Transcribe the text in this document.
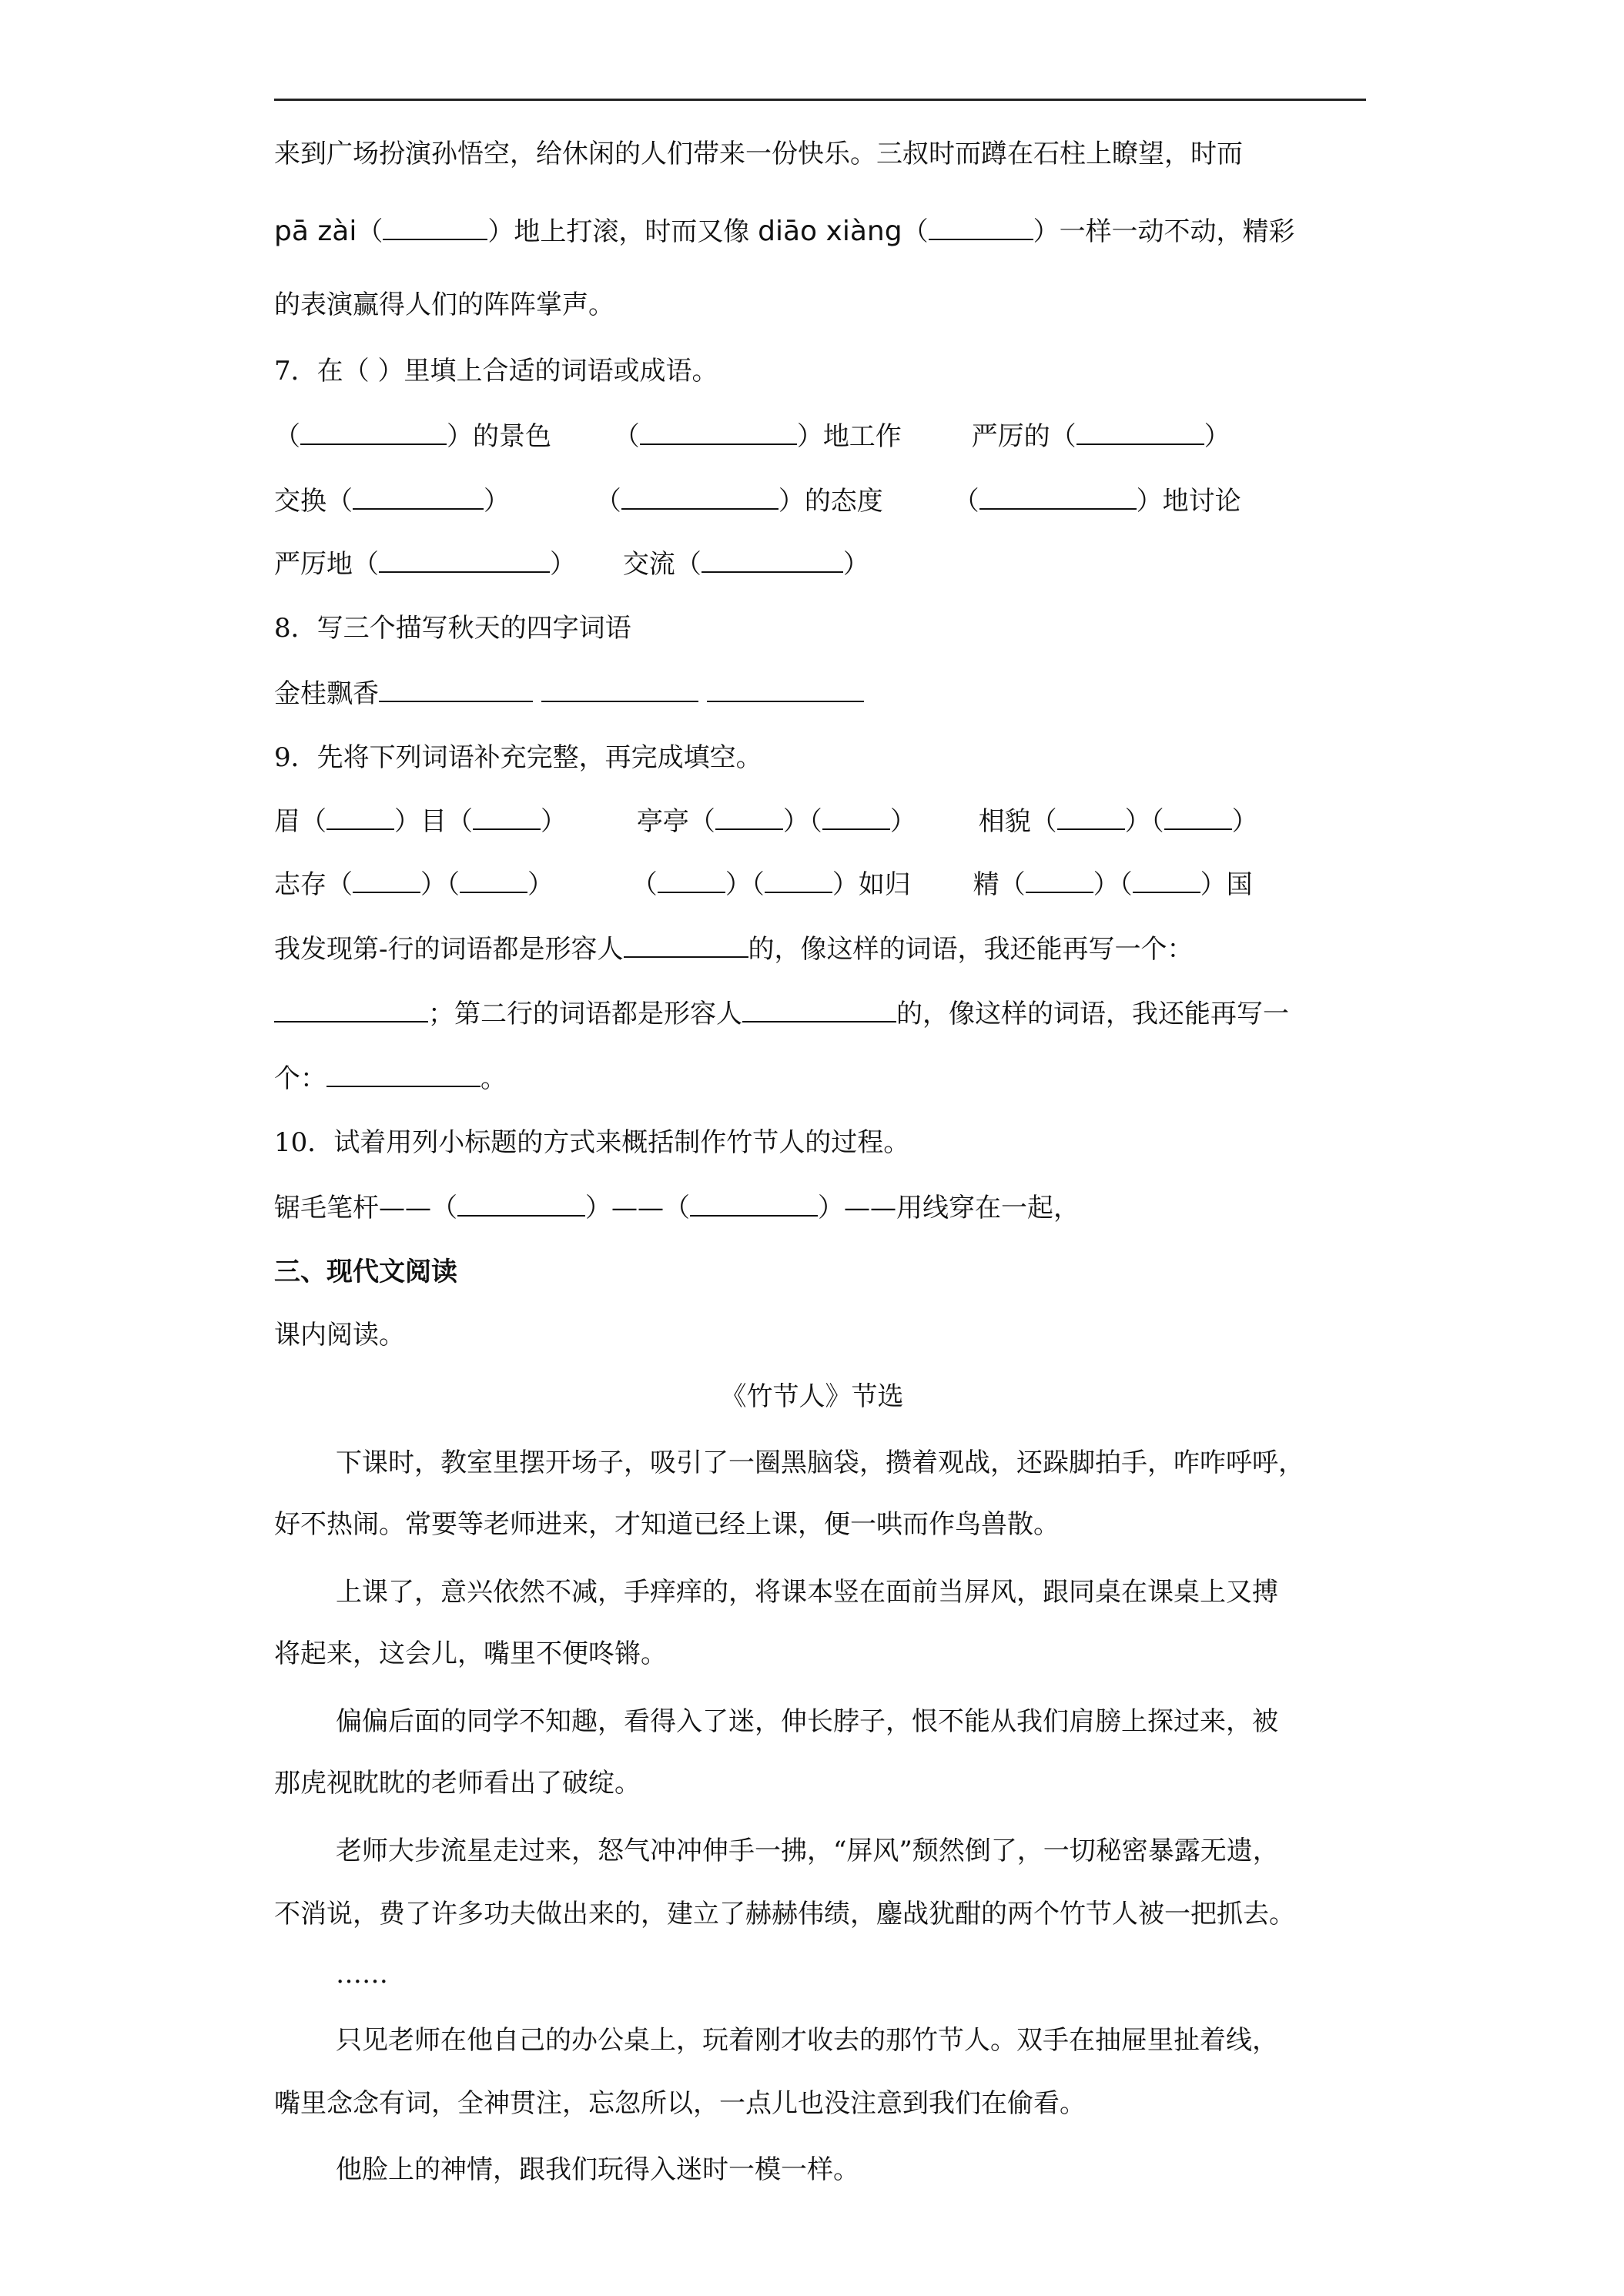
来到广场扮演孙悟空，给休闲的人们带来一份快乐。三叔时而蹲在石柱上瞭望，时而
pā zài（	）地上打滚，时而又像 diāo xiàng（	）一样一动不动，精彩
的表演赢得人们的阵阵掌声。
7．在（ ）里填上合适的词语或成语。
（	）的景色 （	）地工作	严厉的（	）
交换（	）	（	）的态度 （	）地讨论
严厉地（	） 交流（	）
8．写三个描写秋天的四字词语
金桂飘香
9．先将下列词语补充完整，再完成填空。
眉（	）目（	）	亭亭（	）（	） 相貌（	）（	）
志存（	）（	）	（	）（	）如归 精（	）（	）国
我发现第-行的词语都是形容人	的，像这样的词语，我还能再写一个：
；第二行的词语都是形容人	的，像这样的词语，我还能再写一
个：	。
10．试着用列小标题的方式来概括制作竹节人的过程。
锯毛笔杆——（	）——（	）——用线穿在一起，
三、现代文阅读
课内阅读。
《竹节人》节选
下课时，教室里摆开场子，吸引了一圈黑脑袋，攒着观战，还跺脚拍手，咋咋呼呼，
好不热闹。常要等老师进来，才知道已经上课，便一哄而作鸟兽散。
上课了，意兴依然不减，手痒痒的，将课本竖在面前当屏风，跟同桌在课桌上又搏
将起来，这会儿，嘴里不便咚锵。
偏偏后面的同学不知趣，看得入了迷，伸长脖子，恨不能从我们肩膀上探过来，被
那虎视眈眈的老师看出了破绽。
老师大步流星走过来，怒气冲冲伸手一拂，“屏风”颓然倒了，一切秘密暴露无遗，
不消说，费了许多功夫做出来的，建立了赫赫伟绩，鏖战犹酣的两个竹节人被一把抓去。
……
只见老师在他自己的办公桌上，玩着刚才收去的那竹节人。双手在抽屉里扯着线，
嘴里念念有词，全神贯注，忘忽所以，一点儿也没注意到我们在偷看。
他脸上的神情，跟我们玩得入迷时一模一样。
